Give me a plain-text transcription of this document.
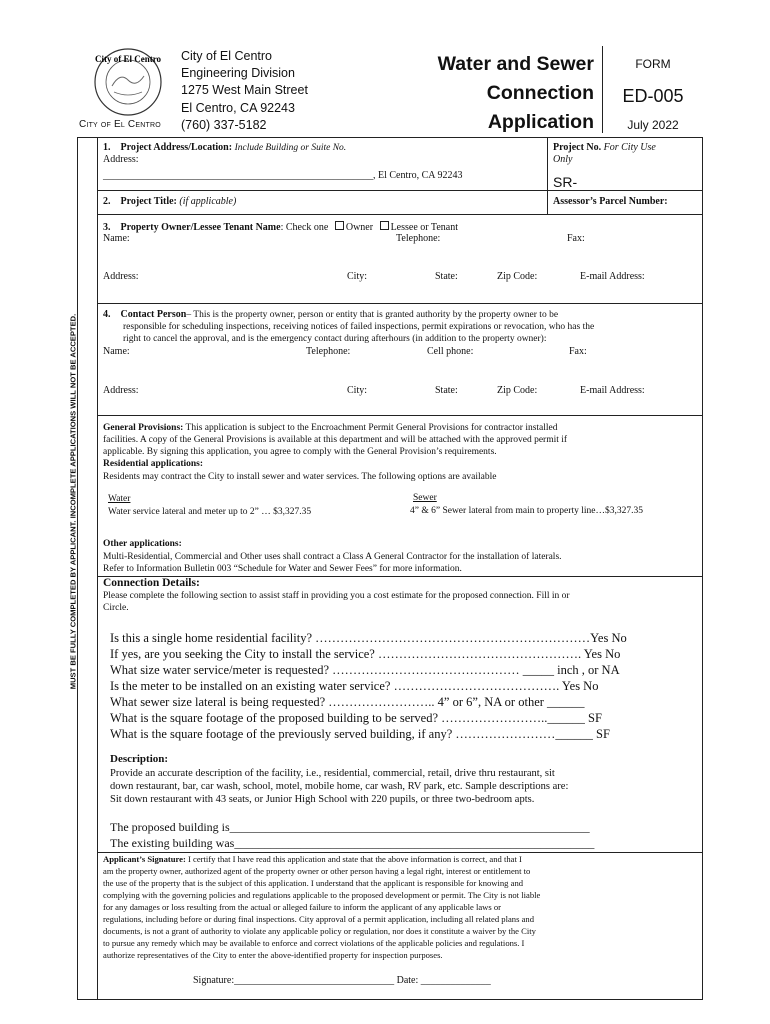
City of El Centro
City of El Centro
City of El Centro
Engineering Division
1275 West Main Street
El Centro, CA 92243
(760) 337-5182
Water and Sewer
Connection
Application
FORM
ED-005
July 2022
MUST BE FULLY COMPLETED BY APPLICANT. INCOMPLETE APPLICATIONS WILL NOT BE ACCEPTED.
1. Project Address/Location: Include Building or Suite No.
Address:
______________________________________________________, El Centro, CA 92243
Project No. For City Use
Only
SR-
2. Project Title: (if applicable)	Assessor’s Parcel Number:
3. Property Owner/Lessee Tenant Name: Check one Owner Lessee or Tenant
Name:	Telephone:	Fax:
Address:	City:	State:	Zip Code:	E-mail Address:
4. Contact Person– This is the property owner, person or entity that is granted authority by the property owner to be
responsible for scheduling inspections, receiving notices of failed inspections, permit expirations or revocation, who has the
right to cancel the approval, and is the emergency contact during afterhours (in addition to the property owner):
Name:	Telephone:	Cell phone:	Fax:
Address:	City:	State:	Zip Code:	E-mail Address:
General Provisions: This application is subject to the Encroachment Permit General Provisions for contractor installed
facilities. A copy of the General Provisions is available at this department and will be attached with the approved permit if
applicable. By signing this application, you agree to comply with the General Provision’s requirements.
Residential applications:
Residents may contract the City to install sewer and water services. The following options are available
Water
Water service lateral and meter up to 2” … $3,327.35
Sewer
4” & 6” Sewer lateral from main to property line…$3,327.35
Other applications:
Multi-Residential, Commercial and Other uses shall contract a Class A General Contractor for the installation of laterals.
Refer to Information Bulletin 003 “Schedule for Water and Sewer Fees” for more information.
Connection Details:
Please complete the following section to assist staff in providing you a cost estimate for the proposed connection. Fill in or
Circle.
Is this a single home residential facility? …………………………………………………………Yes No
If yes, are you seeking the City to install the service? …………………………………………. Yes No
What size water service/meter is requested? ……………………………………… _____ inch , or NA
Is the meter to be installed on an existing water service? …………………………………. Yes No
What sewer size lateral is being requested? …………………….. 4” or 6”, NA or other ______
What is the square footage of the proposed building to be served? ……………………..______ SF
What is the square footage of the previously served building, if any? ……………………______ SF
Description:
Provide an accurate description of the facility, i.e., residential, commercial, retail, drive thru restaurant, sit
down restaurant, bar, car wash, school, motel, mobile home, car wash, RV park, etc. Sample descriptions are:
Sit down restaurant with 43 seats, or Junior High School with 220 pupils, or three two-bedroom apts.
The proposed building is____________________________________________________________
The existing building was____________________________________________________________
Applicant’s Signature: I certify that I have read this application and state that the above information is correct, and that I
am the property owner, authorized agent of the property owner or other person having a legal right, interest or entitlement to
the use of the property that is the subject of this application. I understand that the applicant is responsible for knowing and
complying with the governing policies and regulations applicable to the proposed development or permit. The City is not liable
for any damages or loss resulting from the actual or alleged failure to inform the applicant of any applicable laws or
regulations, including before or during final inspections. City approval of a permit application, including all related plans and
documents, is not a grant of authority to violate any applicable policy or regulation, nor does it constitute a waiver by the City
to pursue any remedy which may be available to enforce and correct violations of the applicable policies and regulations. I
authorize representatives of the City to enter the above-identified property for inspection purposes.
Signature:________________________________ Date: ______________
